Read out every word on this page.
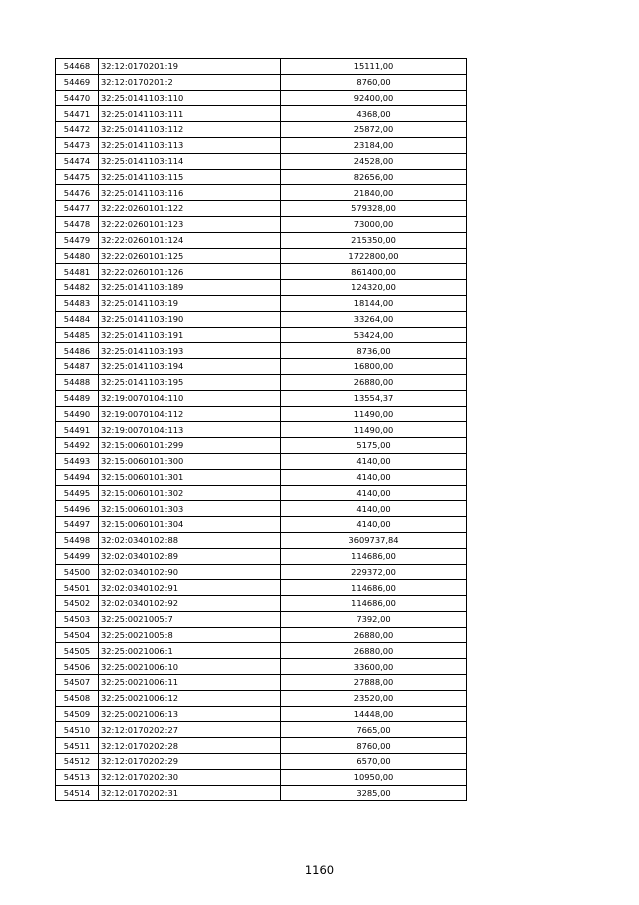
54468	32:12:0170201:19	15111,00
54469	32:12:0170201:2	8760,00
54470	32:25:0141103:110	92400,00
54471	32:25:0141103:111	4368,00
54472	32:25:0141103:112	25872,00
54473	32:25:0141103:113	23184,00
54474	32:25:0141103:114	24528,00
54475	32:25:0141103:115	82656,00
54476	32:25:0141103:116	21840,00
54477	32:22:0260101:122	579328,00
54478	32:22:0260101:123	73000,00
54479	32:22:0260101:124	215350,00
54480	32:22:0260101:125	1722800,00
54481	32:22:0260101:126	861400,00
54482	32:25:0141103:189	124320,00
54483	32:25:0141103:19	18144,00
54484	32:25:0141103:190	33264,00
54485	32:25:0141103:191	53424,00
54486	32:25:0141103:193	8736,00
54487	32:25:0141103:194	16800,00
54488	32:25:0141103:195	26880,00
54489	32:19:0070104:110	13554,37
54490	32:19:0070104:112	11490,00
54491	32:19:0070104:113	11490,00
54492	32:15:0060101:299	5175,00
54493	32:15:0060101:300	4140,00
54494	32:15:0060101:301	4140,00
54495	32:15:0060101:302	4140,00
54496	32:15:0060101:303	4140,00
54497	32:15:0060101:304	4140,00
54498	32:02:0340102:88	3609737,84
54499	32:02:0340102:89	114686,00
54500	32:02:0340102:90	229372,00
54501	32:02:0340102:91	114686,00
54502	32:02:0340102:92	114686,00
54503	32:25:0021005:7	7392,00
54504	32:25:0021005:8	26880,00
54505	32:25:0021006:1	26880,00
54506	32:25:0021006:10	33600,00
54507	32:25:0021006:11	27888,00
54508	32:25:0021006:12	23520,00
54509	32:25:0021006:13	14448,00
54510	32:12:0170202:27	7665,00
54511	32:12:0170202:28	8760,00
54512	32:12:0170202:29	6570,00
54513	32:12:0170202:30	10950,00
54514	32:12:0170202:31	3285,00
1160
